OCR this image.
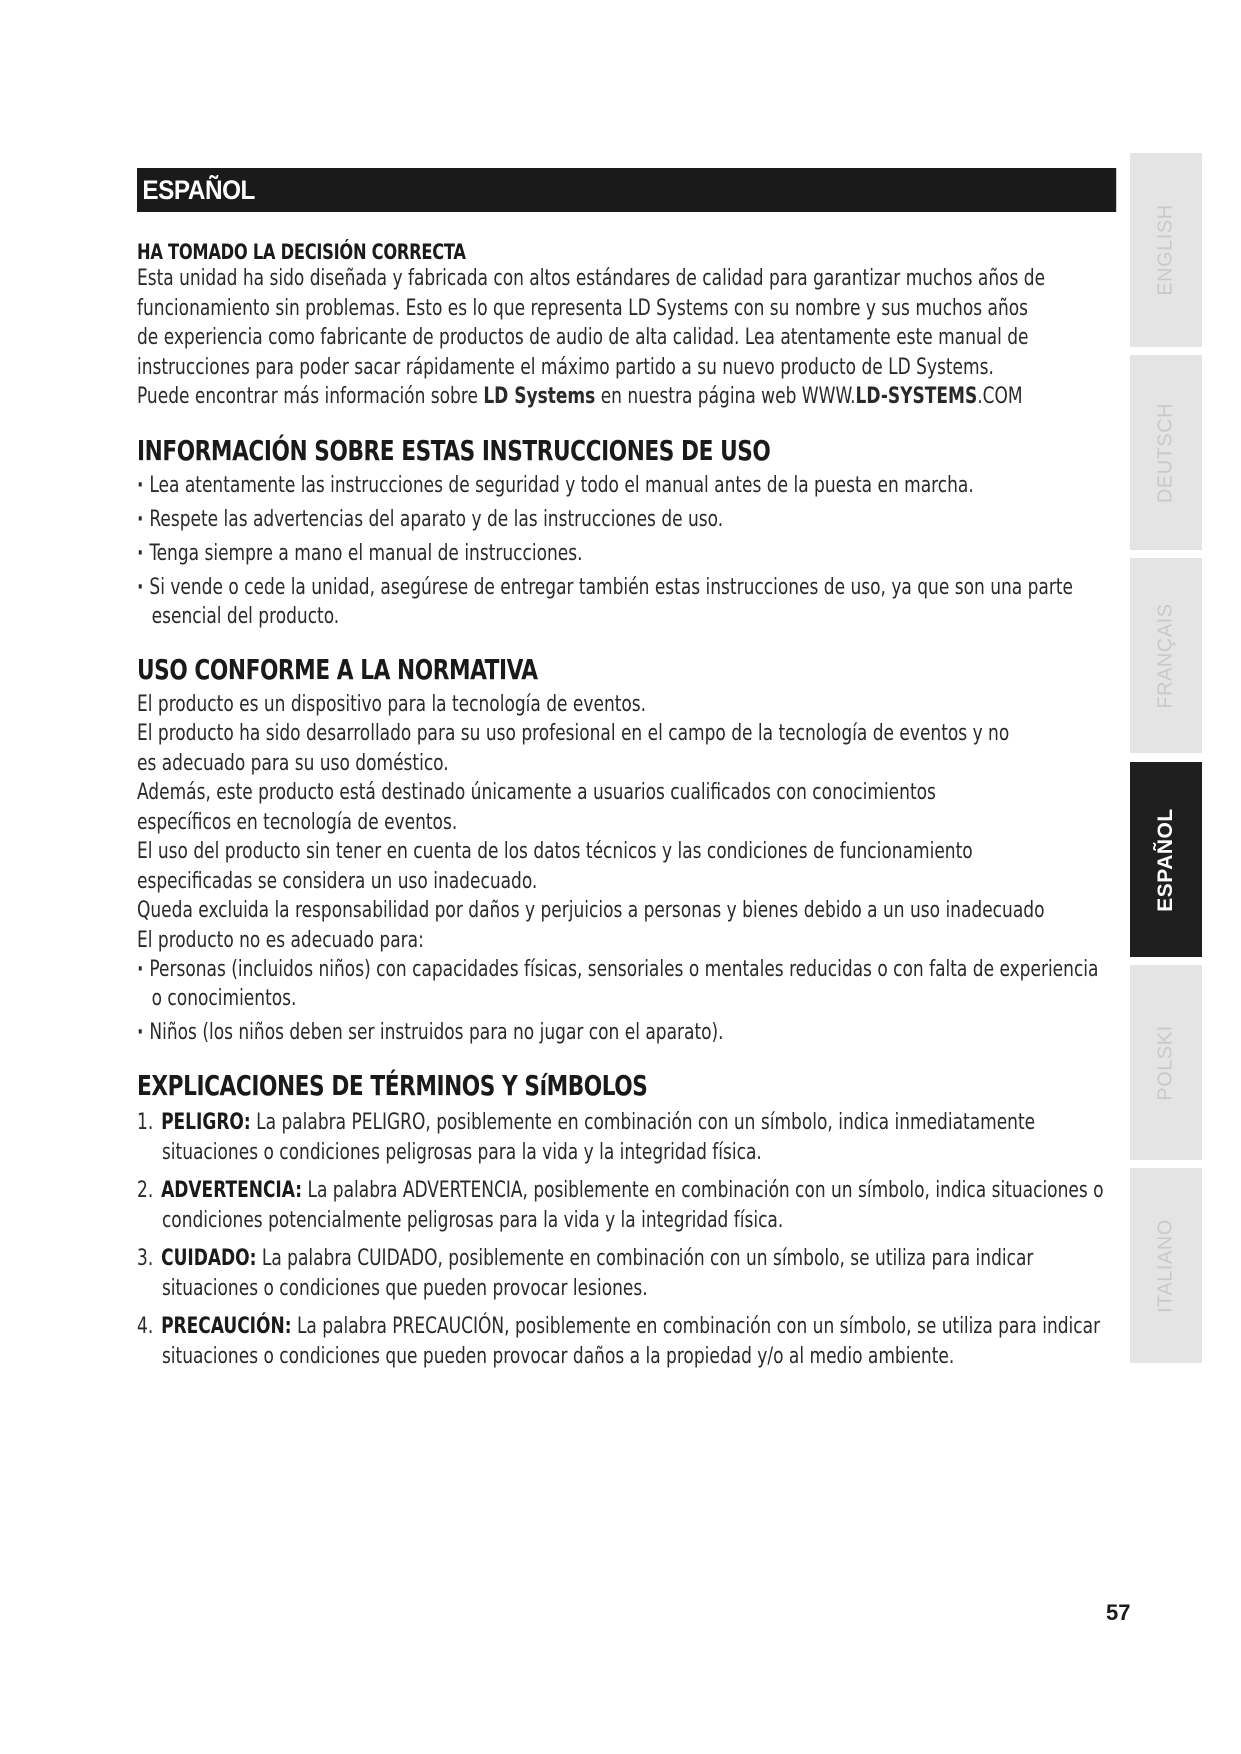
ESPAÑOL
HA TOMADO LA DECISIÓN CORRECTA

Esta unidad ha sido diseñada y fabricada con altos estándares de calidad para garantizar muchos años de

funcionamiento sin problemas. Esto es lo que representa LD Systems con su nombre y sus muchos años

de experiencia como fabricante de productos de audio de alta calidad. Lea atentamente este manual de

instrucciones para poder sacar rápidamente el máximo partido a su nuevo producto de LD Systems.

Puede encontrar más información sobre LD Systems en nuestra página web WWW.LD-SYSTEMS.COM

INFORMACIÓN SOBRE ESTAS INSTRUCCIONES DE USO
· Lea atentamente las instrucciones de seguridad y todo el manual antes de la puesta en marcha.
· Respete las advertencias del aparato y de las instrucciones de uso.
· Tenga siempre a mano el manual de instrucciones.
· Si vende o cede la unidad, asegúrese de entregar también estas instrucciones de uso, ya que son una parte esencial del producto.
USO CONFORME A LA NORMATIVA

El producto es un dispositivo para la tecnología de eventos.

El producto ha sido desarrollado para su uso profesional en el campo de la tecnología de eventos y no

es adecuado para su uso doméstico.

Además, este producto está destinado únicamente a usuarios cualificados con conocimientos

específicos en tecnología de eventos.

El uso del producto sin tener en cuenta de los datos técnicos y las condiciones de funcionamiento

especificadas se considera un uso inadecuado.

Queda excluida la responsabilidad por daños y perjuicios a personas y bienes debido a un uso inadecuado

El producto no es adecuado para:

· Personas (incluidos niños) con capacidades físicas, sensoriales o mentales reducidas o con falta de experiencia o conocimientos.
· Niños (los niños deben ser instruidos para no jugar con el aparato).
EXPLICACIONES DE TÉRMINOS Y SíMBOLOS
1. PELIGRO: La palabra PELIGRO, posiblemente en combinación con un símbolo, indica inmediatamente situaciones o condiciones peligrosas para la vida y la integridad física.
2. ADVERTENCIA: La palabra ADVERTENCIA, posiblemente en combinación con un símbolo, indica situaciones o condiciones potencialmente peligrosas para la vida y la integridad física.
3. CUIDADO: La palabra CUIDADO, posiblemente en combinación con un símbolo, se utiliza para indicar situaciones o condiciones que pueden provocar lesiones.
4. PRECAUCIÓN: La palabra PRECAUCIÓN, posiblemente en combinación con un símbolo, se utiliza para indicar situaciones o condiciones que pueden provocar daños a la propiedad y/o al medio ambiente.
ENGLISH
DEUTSCH
FRANÇAIS
ESPAÑOL
POLSKI
ITALIANO
57
